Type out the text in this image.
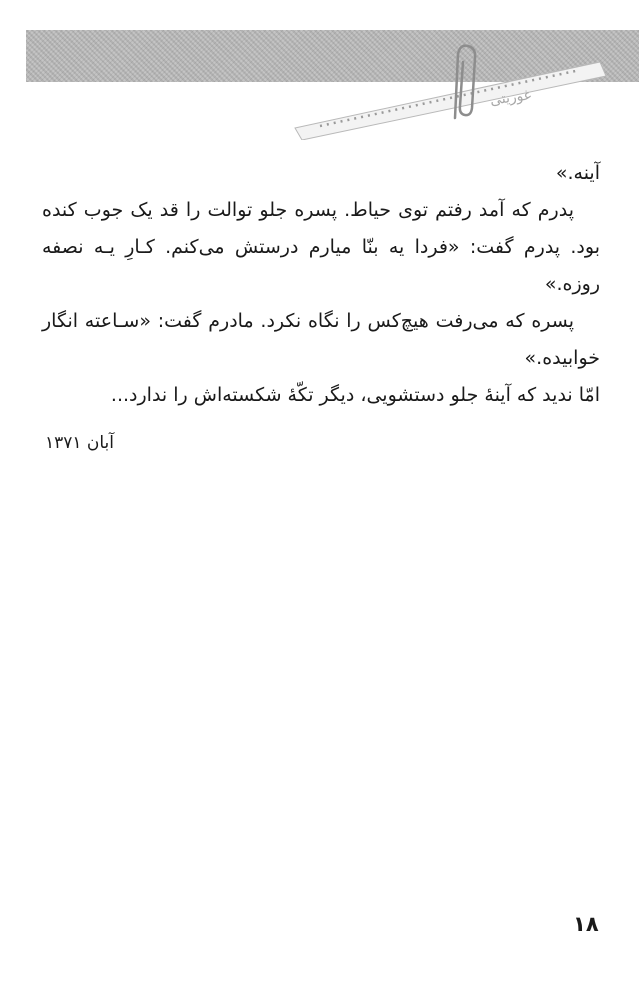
غوریتی

آینه.»

پدرم که آمد رفتم توی حیاط. پسره جلو توالت را قد یک جوب کنده بود. پدرم گفت: «فردا یه بنّا میارم درستش می‌کنم. کـارِ یـه نصفه روزه.»

پسره که می‌رفت هیچ‌کس را نگاه نکرد. مادرم گفت: «سـاعته انگار خوابیده.»

امّا ندید که آینهٔ جلو دستشویی، دیگر تکّهٔ شکسته‌اش را ندارد...

آبان ۱۳۷۱
۱۸
